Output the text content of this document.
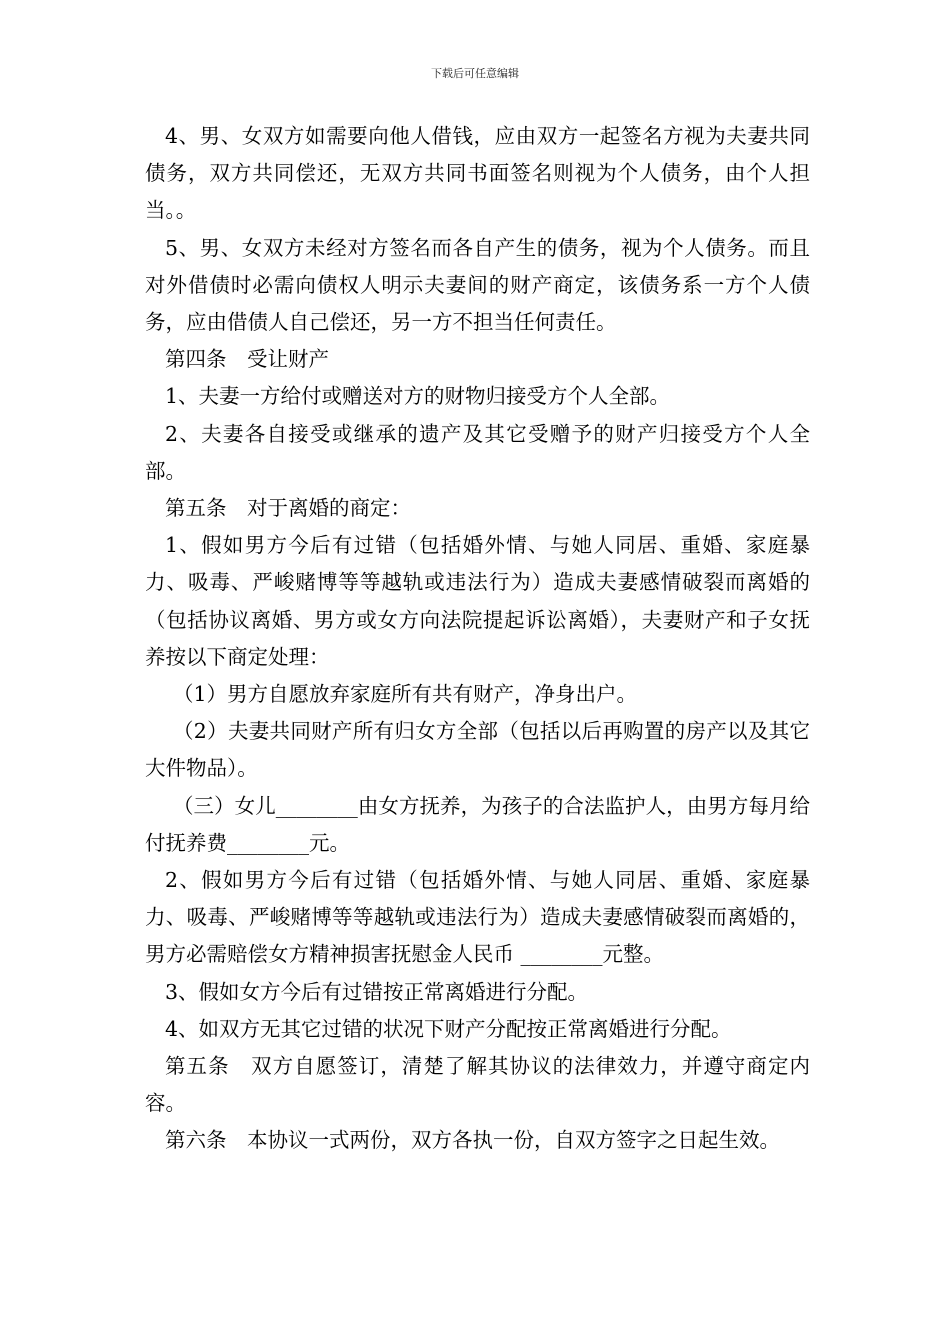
下载后可任意编辑

4、男、女双方如需要向他人借钱，应由双方一起签名方视为夫妻共同债务，双方共同偿还，无双方共同书面签名则视为个人债务，由个人担当。。

5、男、女双方未经对方签名而各自产生的债务，视为个人债务。而且对外借债时必需向债权人明示夫妻间的财产商定，该债务系一方个人债务，应由借债人自己偿还，另一方不担当任何责任。

第四条　受让财产

1、夫妻一方给付或赠送对方的财物归接受方个人全部。

2、夫妻各自接受或继承的遗产及其它受赠予的财产归接受方个人全部。

第五条　对于离婚的商定：

1、假如男方今后有过错（包括婚外情、与她人同居、重婚、家庭暴力、吸毒、严峻赌博等等越轨或违法行为）造成夫妻感情破裂而离婚的（包括协议离婚、男方或女方向法院提起诉讼离婚），夫妻财产和子女抚养按以下商定处理：

（1）男方自愿放弃家庭所有共有财产，净身出户。

（2）夫妻共同财产所有归女方全部（包括以后再购置的房产以及其它大件物品）。

（三）女儿________由女方抚养，为孩子的合法监护人，由男方每月给付抚养费________元。

2、假如男方今后有过错（包括婚外情、与她人同居、重婚、家庭暴力、吸毒、严峻赌博等等越轨或违法行为）造成夫妻感情破裂而离婚的，男方必需赔偿女方精神损害抚慰金人民币 ________元整。

3、假如女方今后有过错按正常离婚进行分配。

4、如双方无其它过错的状况下财产分配按正常离婚进行分配。

第五条　双方自愿签订，清楚了解其协议的法律效力，并遵守商定内容。

第六条　本协议一式两份，双方各执一份，自双方签字之日起生效。
